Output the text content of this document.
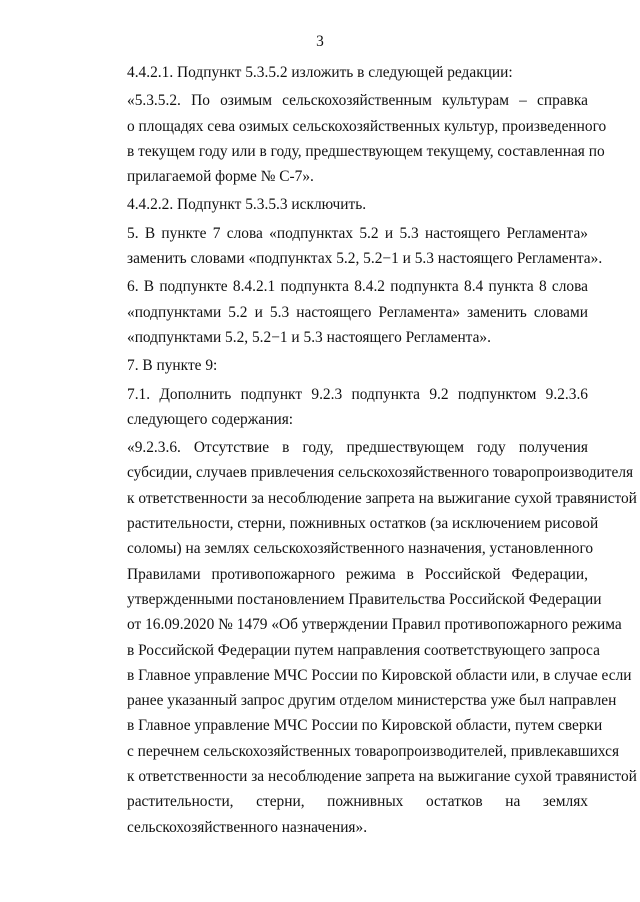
3
4.4.2.1. Подпункт 5.3.5.2 изложить в следующей редакции:
«5.3.5.2. По озимым сельскохозяйственным культурам – справка
о площадях сева озимых сельскохозяйственных культур, произведенного
в текущем году или в году, предшествующем текущему, составленная по
прилагаемой форме № С-7».
4.4.2.2. Подпункт 5.3.5.3 исключить.
5. В пункте 7 слова «подпунктах 5.2 и 5.3 настоящего Регламента»
заменить словами «подпунктах 5.2, 5.2−1 и 5.3 настоящего Регламента».
6. В подпункте 8.4.2.1 подпункта 8.4.2 подпункта 8.4 пункта 8 слова
«подпунктами 5.2 и 5.3 настоящего Регламента» заменить словами
«подпунктами 5.2, 5.2−1 и 5.3 настоящего Регламента».
7. В пункте 9:
7.1. Дополнить подпункт 9.2.3 подпункта 9.2 подпунктом 9.2.3.6
следующего содержания:
«9.2.3.6. Отсутствие в году, предшествующем году получения
субсидии, случаев привлечения сельскохозяйственного товаропроизводителя
к ответственности за несоблюдение запрета на выжигание сухой травянистой
растительности, стерни, пожнивных остатков (за исключением рисовой
соломы) на землях сельскохозяйственного назначения, установленного
Правилами противопожарного режима в Российской Федерации,
утвержденными постановлением Правительства Российской Федерации
от 16.09.2020 № 1479 «Об утверждении Правил противопожарного режима
в Российской Федерации путем направления соответствующего запроса
в Главное управление МЧС России по Кировской области или, в случае если
ранее указанный запрос другим отделом министерства уже был направлен
в Главное управление МЧС России по Кировской области, путем сверки
с перечнем сельскохозяйственных товаропроизводителей, привлекавшихся
к ответственности за несоблюдение запрета на выжигание сухой травянистой
растительности, стерни, пожнивных остатков на землях
сельскохозяйственного назначения».
